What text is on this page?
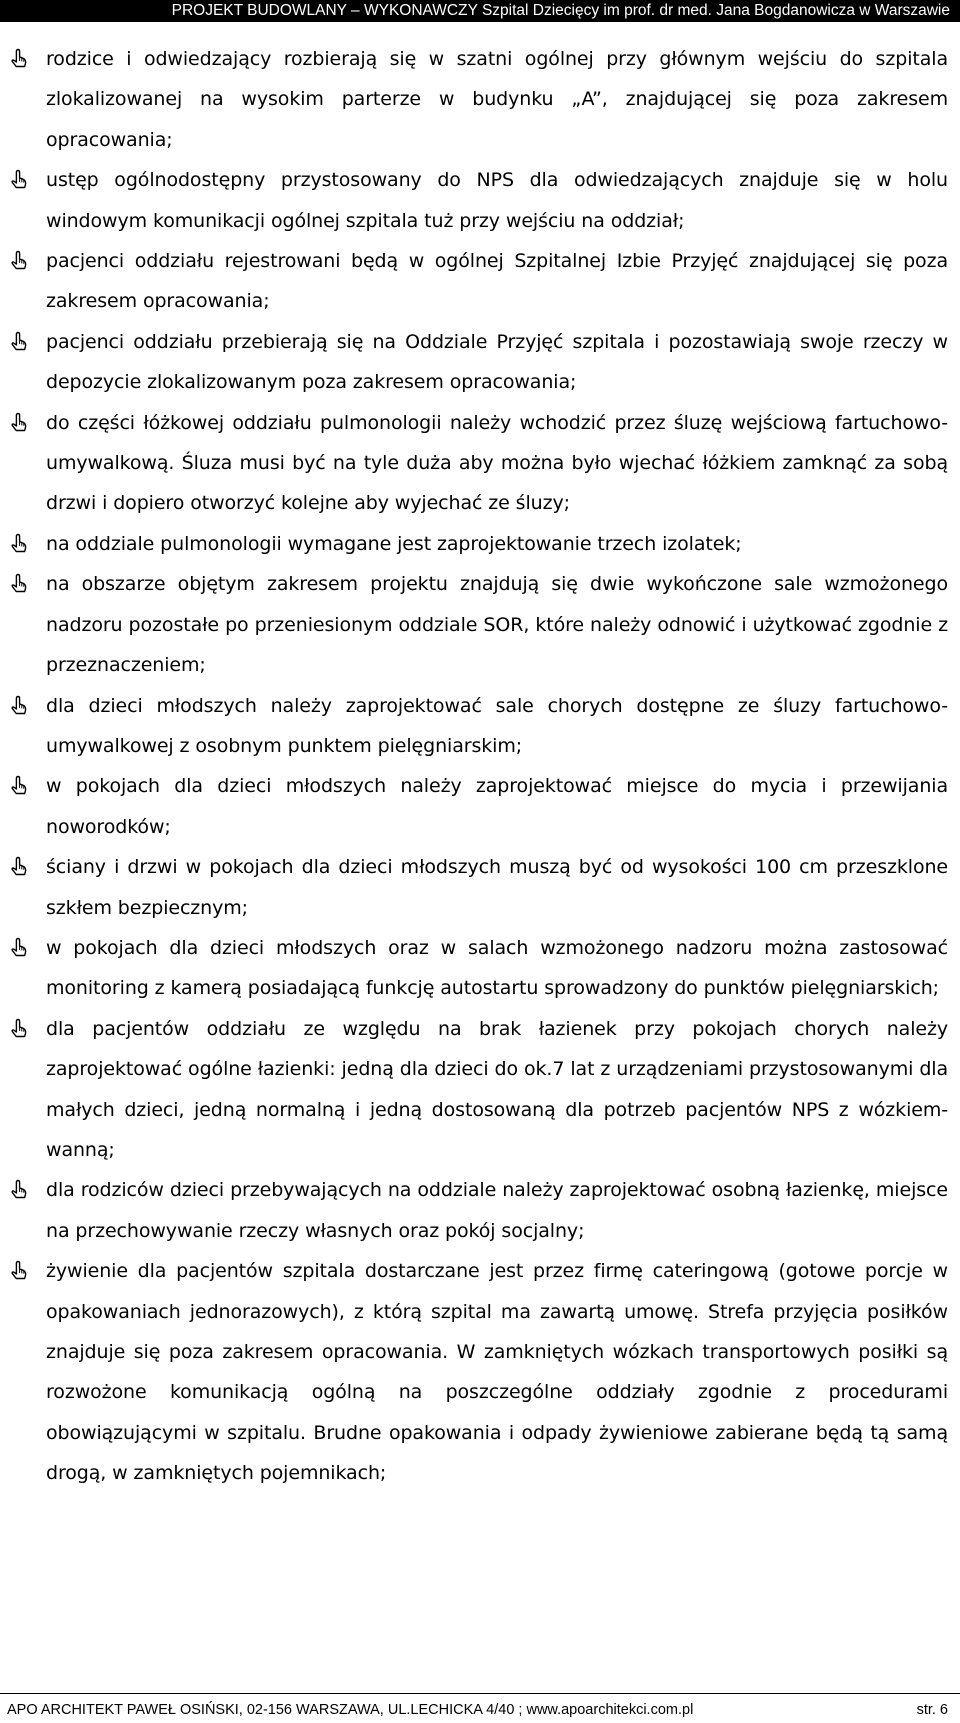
PROJEKT BUDOWLANY – WYKONAWCZY Szpital Dziecięcy im prof. dr med. Jana Bogdanowicza w Warszawie
rodzice i odwiedzający rozbierają się w szatni ogólnej przy głównym wejściu do szpitala zlokalizowanej na wysokim parterze w budynku „A”, znajdującej się poza zakresem opracowania;
ustęp ogólnodostępny przystosowany do NPS dla odwiedzających znajduje się w holu windowym komunikacji ogólnej szpitala tuż przy wejściu na oddział;
pacjenci oddziału rejestrowani będą w ogólnej Szpitalnej Izbie Przyjęć znajdującej się poza zakresem opracowania;
pacjenci oddziału przebierają się na Oddziale Przyjęć szpitala i pozostawiają swoje rzeczy w depozycie zlokalizowanym poza zakresem opracowania;
do części łóżkowej oddziału pulmonologii należy wchodzić przez śluzę wejściową fartuchowo-umywalkową. Śluza musi być na tyle duża aby można było wjechać łóżkiem zamknąć za sobą drzwi i dopiero otworzyć kolejne aby wyjechać ze śluzy;
na oddziale pulmonologii wymagane jest zaprojektowanie trzech izolatek;
na obszarze objętym zakresem projektu znajdują się dwie wykończone sale wzmożonego nadzoru pozostałe po przeniesionym oddziale SOR, które należy odnowić i użytkować zgodnie z przeznaczeniem;
dla dzieci młodszych należy zaprojektować sale chorych dostępne ze śluzy fartuchowo-umywalkowej z osobnym punktem pielęgniarskim;
w pokojach dla dzieci młodszych należy zaprojektować miejsce do mycia i przewijania noworodków;
ściany i drzwi w pokojach dla dzieci młodszych muszą być od wysokości 100 cm przeszklone szkłem bezpiecznym;
w pokojach dla dzieci młodszych oraz w salach wzmożonego nadzoru można zastosować monitoring z kamerą posiadającą funkcję autostartu sprowadzony do punktów pielęgniarskich;
dla pacjentów oddziału ze względu na brak łazienek przy pokojach chorych należy zaprojektować ogólne łazienki: jedną dla dzieci do ok.7 lat z urządzeniami przystosowanymi dla małych dzieci, jedną normalną i jedną dostosowaną dla potrzeb pacjentów NPS z wózkiem-wanną;
dla rodziców dzieci przebywających na oddziale należy zaprojektować osobną łazienkę, miejsce na przechowywanie rzeczy własnych oraz pokój socjalny;
żywienie dla pacjentów szpitala dostarczane jest przez firmę cateringową (gotowe porcje w opakowaniach jednorazowych), z którą szpital ma zawartą umowę. Strefa przyjęcia posiłków znajduje się poza zakresem opracowania. W zamkniętych wózkach transportowych posiłki są rozwożone komunikacją ogólną na poszczególne oddziały zgodnie z procedurami obowiązującymi w szpitalu. Brudne opakowania i odpady żywieniowe zabierane będą tą samą drogą, w zamkniętych pojemnikach;
APO ARCHITEKT PAWEŁ OSIŃSKI, 02-156 WARSZAWA, UL.LECHICKA 4/40 ; www.apoarchitekci.com.pl	str. 6
